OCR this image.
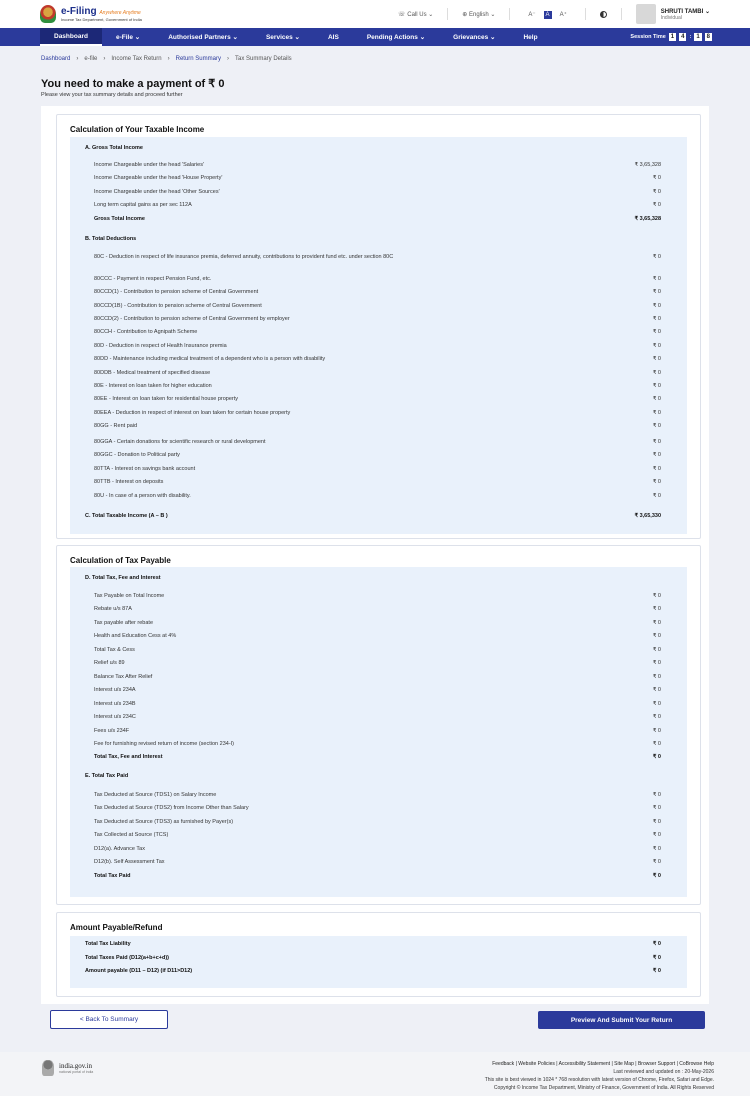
e-Filing Anywhere Anytime
Income Tax Department, Government of India
☏ Call Us ⌄	⊕ English ⌄	A⁻ A A⁺	SHRUTI TAMBI ⌄
Individual
Dashboard	e-File
⌄	Authorised Partners
⌄	Services
⌄	AIS	Pending Actions
⌄	Grievances
⌄	Help	Session Time 1	4 : 1	8
Dashboard › e-file › Income Tax Return › Return Summary › Tax Summary Details
You need to make a payment of ₹ 0
Please view your tax summary details and proceed further
Calculation of Your Taxable Income
A. Gross Total Income
Income Chargeable under the head 'Salaries'	₹ 3,65,328
Income Chargeable under the head 'House Property'	₹ 0
Income Chargeable under the head 'Other Sources'	₹ 0
Long term capital gains as per sec 112A	₹ 0
Gross Total Income	₹ 3,65,328
B. Total Deductions
80C - Deduction in respect of life insurance premia, deferred annuity, contributions to provident fund etc. under section 80C	₹ 0
80CCC - Payment in respect Pension Fund, etc.	₹ 0
80CCD(1) - Contribution to pension scheme of Central Government	₹ 0
80CCD(1B) - Contribution to pension scheme of Central Government	₹ 0
80CCD(2) - Contribution to pension scheme of Central Government by employer	₹ 0
80CCH - Contribution to Agnipath Scheme	₹ 0
80D - Deduction in respect of Health Insurance premia	₹ 0
80DD - Maintenance including medical treatment of a dependent who is a person with disability	₹ 0
80DDB - Medical treatment of specified disease	₹ 0
80E - Interest on loan taken for higher education	₹ 0
80EE - Interest on loan taken for residential house property	₹ 0
80EEA - Deduction in respect of interest on loan taken for certain house property	₹ 0
80GG - Rent paid	₹ 0
80GGA - Certain donations for scientific research or rural development	₹ 0
80GGC - Donation to Political party	₹ 0
80TTA - Interest on savings bank account	₹ 0
80TTB - Interest on deposits	₹ 0
80U - In case of a person with disability.	₹ 0
C. Total Taxable Income (A – B )	₹ 3,65,330
Calculation of Tax Payable
D. Total Tax, Fee and Interest
Tax Payable on Total Income	₹ 0
Rebate u/s 87A	₹ 0
Tax payable after rebate	₹ 0
Health and Education Cess at 4%	₹ 0
Total Tax & Cess	₹ 0
Relief u/s 89	₹ 0
Balance Tax After Relief	₹ 0
Interest u/s 234A	₹ 0
Interest u/s 234B	₹ 0
Interest u/s 234C	₹ 0
Fees u/s 234F	₹ 0
Fee for furnishing revised return of income (section 234-I)	₹ 0
Total Tax, Fee and Interest	₹ 0
E. Total Tax Paid
Tax Deducted at Source (TDS1) on Salary Income	₹ 0
Tax Deducted at Source (TDS2) from Income Other than Salary	₹ 0
Tax Deducted at Source (TDS3) as furnished by Payer(s)	₹ 0
Tax Collected at Source (TCS)	₹ 0
D12(a). Advance Tax	₹ 0
D12(b). Self Assessment Tax	₹ 0
Total Tax Paid	₹ 0
Amount Payable/Refund
Total Tax Liability	₹ 0
Total Taxes Paid (D12(a+b+c+d))	₹ 0
Amount payable (D11 – D12) (if D11>D12)	₹ 0
< Back To Summary	Preview And Submit Your Return
india.gov.in
national portal of india
Feedback | Website Policies | Accessibility Statement | Site Map | Browser Support | CoBrowse Help
Last reviewed and updated on : 20-May-2026
This site is best viewed in 1024 * 768 resolution with latest version of Chrome, Firefox, Safari and Edge.
Copyright © Income Tax Department, Ministry of Finance, Government of India. All Rights Reserved
